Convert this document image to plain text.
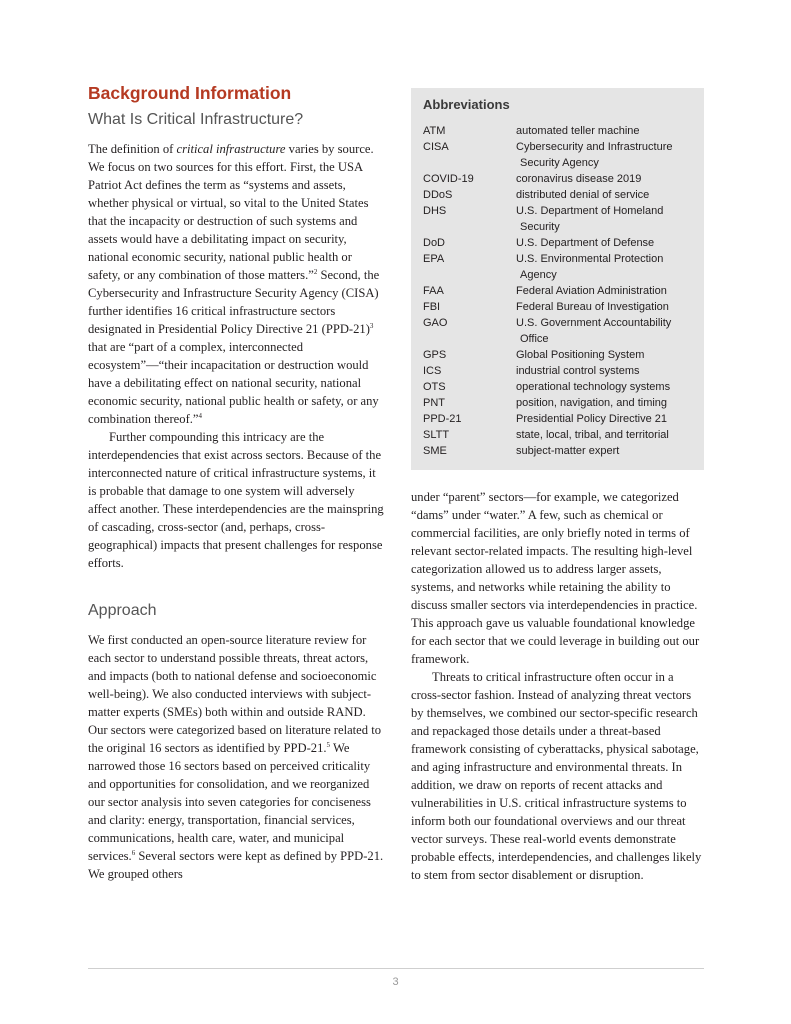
Background Information
What Is Critical Infrastructure?

The definition of critical infrastructure varies by source. We focus on two sources for this effort. First, the USA Patriot Act defines the term as “systems and assets, whether physical or virtual, so vital to the United States that the incapacity or destruction of such systems and assets would have a debilitating impact on security, national economic security, national public health or safety, or any combination of those matters.”$^2$ Second, the Cybersecurity and Infrastructure Security Agency (CISA) further identifies 16 critical infrastructure sectors designated in Presidential Policy Directive 21 $(PPD-21)^3$ that are “part of a complex, interconnected ecosystem”—“their incapacitation or destruction would have a debilitating effect on national security, national economic security, national public health or safety, or any combination thereof.”$^4$

Further compounding this intricacy are the interdependencies that exist across sectors. Because of the interconnected nature of critical infrastructure systems, it is probable that damage to one system will adversely affect another. These interdependencies are the mainspring of cascading, cross-sector (and, perhaps, cross-geographical) impacts that present challenges for response efforts.

Approach

We first conducted an open-source literature review for each sector to understand possible threats, threat actors, and impacts (both to national defense and socioeconomic well-being). We also conducted interviews with subject-matter experts (SMEs) both within and outside RAND. Our sectors were categorized based on literature related to the original 16 sectors as identified by PPD-21.$^5$ We narrowed those 16 sectors based on perceived criticality and opportunities for consolidation, and we reorganized our sector analysis into seven categories for conciseness and clarity: energy, transportation, financial services, communications, health care, water, and municipal services.$^6$ Several sectors were kept as defined by PPD-21. We grouped others

Abbreviations
ATM	automated teller machine
CISA	Cybersecurity and Infrastructure
Security Agency
COVID-19	coronavirus disease 2019
DDoS	distributed denial of service
DHS	U.S. Department of Homeland
Security
DoD	U.S. Department of Defense
EPA	U.S. Environmental Protection
Agency
FAA	Federal Aviation Administration
FBI	Federal Bureau of Investigation
GAO	U.S. Government Accountability
Office
GPS	Global Positioning System
ICS	industrial control systems
OTS	operational technology systems
PNT	position, navigation, and timing
PPD-21	Presidential Policy Directive 21
SLTT	state, local, tribal, and territorial
SME	subject-matter expert

under “parent” sectors—for example, we categorized “dams” under “water.” A few, such as chemical or commercial facilities, are only briefly noted in terms of relevant sector-related impacts. The resulting high-level categorization allowed us to address larger assets, systems, and networks while retaining the ability to discuss smaller sectors via interdependencies in practice. This approach gave us valuable foundational knowledge for each sector that we could leverage in building out our framework.

Threats to critical infrastructure often occur in a cross-sector fashion. Instead of analyzing threat vectors by themselves, we combined our sector-specific research and repackaged those details under a threat-based framework consisting of cyberattacks, physical sabotage, and aging infrastructure and environmental threats. In addition, we draw on reports of recent attacks and vulnerabilities in U.S. critical infrastructure systems to inform both our foundational overviews and our threat vector surveys. These real-world events demonstrate probable effects, interdependencies, and challenges likely to stem from sector disablement or disruption.

3
